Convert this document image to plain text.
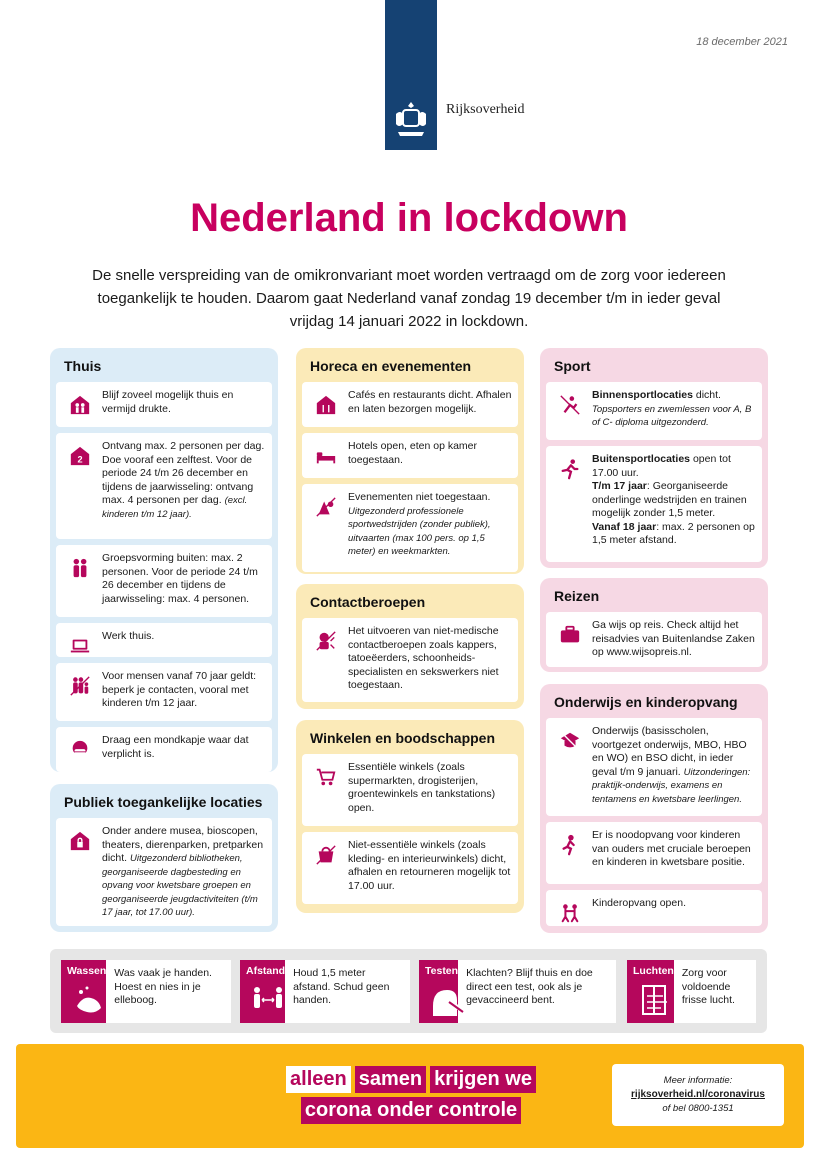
18 december 2021
Rijksoverheid
Nederland in lockdown

De snelle verspreiding van de omikronvariant moet worden vertraagd om de zorg voor iedereen toegankelijk te houden. Daarom gaat Nederland vanaf zondag 19 december t/m in ieder geval vrijdag 14 januari 2022 in lockdown.

Thuis
Blijf zoveel mogelijk thuis en vermijd drukte.
2
Ontvang max. 2 personen per dag. Doe vooraf een zelftest. Voor de periode 24 t/m 26 december en tijdens de jaarwisseling: ontvang max. 4 personen per dag. (excl. kinderen t/m 12 jaar).
Groepsvorming buiten: max. 2 personen. Voor de periode 24 t/m 26 december en tijdens de jaarwisseling: max. 4 personen.
Werk thuis.
Voor mensen vanaf 70 jaar geldt: beperk je contacten, vooral met kinderen t/m 12 jaar.
Draag een mondkapje waar dat verplicht is.
Publiek toegankelijke locaties
Onder andere musea, bioscopen, theaters, dierenparken, pretparken dicht. Uitgezonderd bibliotheken, georganiseerde dagbesteding en opvang voor kwetsbare groepen en georganiseerde jeugdactiviteiten (t/m 17 jaar, tot 17.00 uur).
Horeca en evenementen
Cafés en restaurants dicht. Afhalen en laten bezorgen mogelijk.
Hotels open, eten op kamer toegestaan.
Evenementen niet toegestaan. Uitgezonderd professionele sportwedstrijden (zonder publiek), uitvaarten (max 100 pers. op 1,5 meter) en weekmarkten.
Contactberoepen
Het uitvoeren van niet-medische contactberoepen zoals kappers, tatoeëerders, schoonheids-specialisten en sekswerkers niet toegestaan.
Winkelen en boodschappen
Essentiële winkels (zoals supermarkten, drogisterijen, groentewinkels en tankstations) open.
Niet-essentiële winkels (zoals kleding- en interieurwinkels) dicht, afhalen en retourneren mogelijk tot 17.00 uur.
Sport
Binnensportlocaties dicht.
Topsporters en zwemlessen voor A, B of C- diploma uitgezonderd.
Buitensportlocaties open tot 17.00 uur.
T/m 17 jaar: Georganiseerde onderlinge wedstrijden en trainen mogelijk zonder 1,5 meter.
Vanaf 18 jaar: max. 2 personen op 1,5 meter afstand.
Reizen
Ga wijs op reis. Check altijd het reisadvies van Buitenlandse Zaken op www.wijsopreis.nl.
Onderwijs en kinderopvang
Onderwijs (basisscholen, voortgezet onderwijs, MBO, HBO en WO) en BSO dicht, in ieder geval t/m 9 januari. Uitzonderingen: praktijk-onderwijs, examens en tentamens en kwetsbare leerlingen.
Er is noodopvang voor kinderen van ouders met cruciale beroepen en kinderen in kwetsbare positie.
Kinderopvang open.
Wassen Was vaak je handen. Hoest en nies in je elleboog.
Afstand Houd 1,5 meter afstand. Schud geen handen.
Testen Klachten? Blijf thuis en doe direct een test, ook als je gevaccineerd bent.
Luchten Zorg voor voldoende frisse lucht.
alleen samen krijgen we
corona onder controle
Meer informatie:
rijksoverheid.nl/coronavirus
of bel 0800-1351
